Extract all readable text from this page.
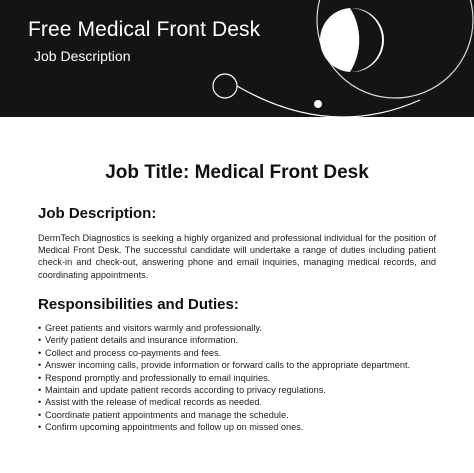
Free Medical Front Desk
Job Description
Job Title: Medical Front Desk
Job Description:

DermTech Diagnostics is seeking a highly organized and professional individual for the position of Medical Front Desk. The successful candidate will undertake a range of duties including patient check-in and check-out, answering phone and email inquiries, managing medical records, and coordinating appointments.

Responsibilities and Duties:
• Greet patients and visitors warmly and professionally.
• Verify patient details and insurance information.
• Collect and process co-payments and fees.
• Answer incoming calls, provide information or forward calls to the appropriate department.
• Respond promptly and professionally to email inquiries.
• Maintain and update patient records according to privacy regulations.
• Assist with the release of medical records as needed.
• Coordinate patient appointments and manage the schedule.
• Confirm upcoming appointments and follow up on missed ones.
